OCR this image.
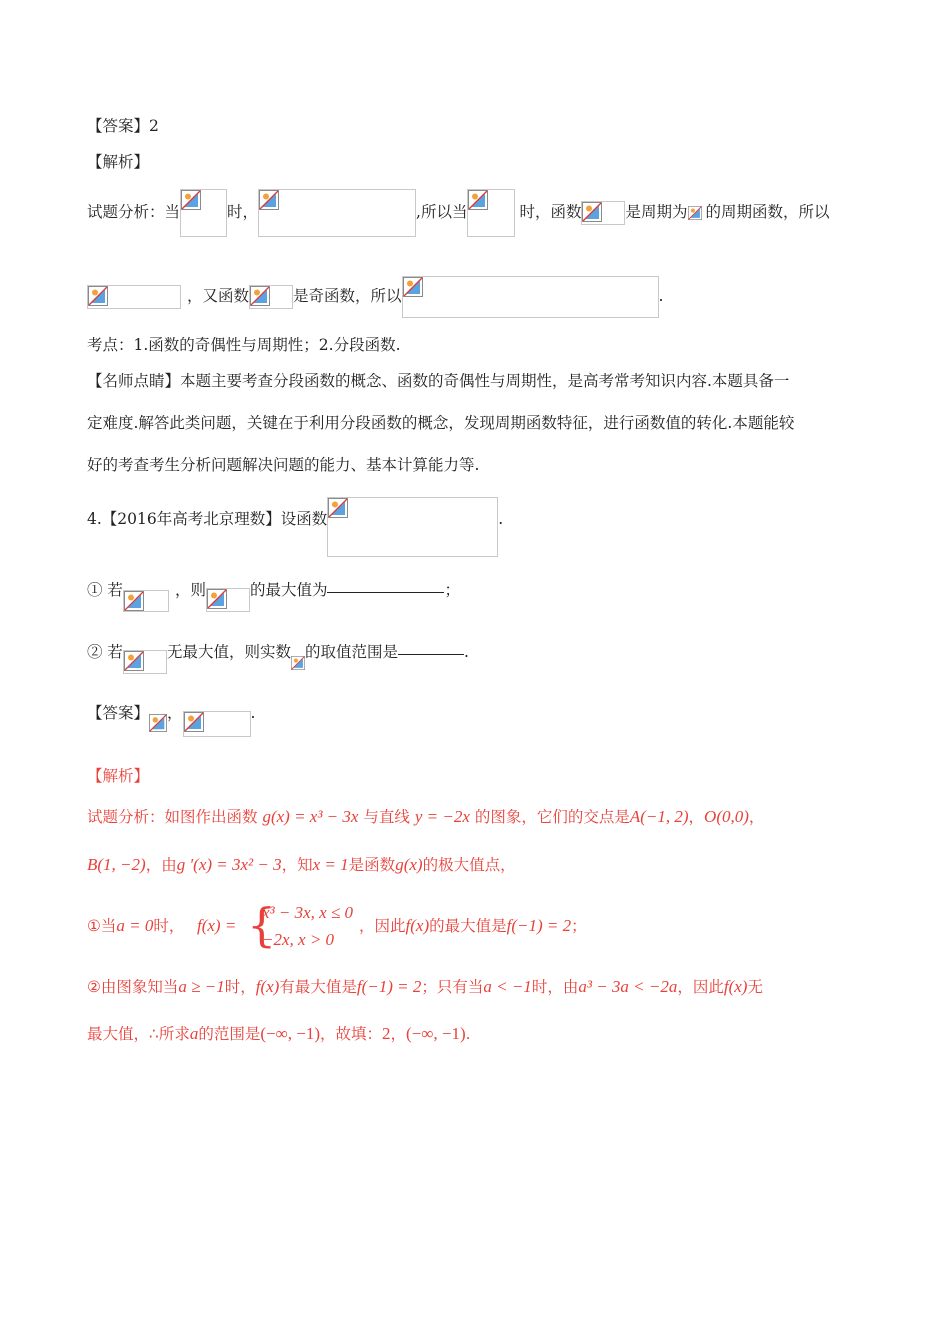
【答案】2
【解析】
试题分析：当	时，	,所以当	时，函数	是周期为 的周期函数，所以
，又函数	是奇函数，所以	.
考点：1.函数的奇偶性与周期性；2.分段函数.
【名师点睛】本题主要考查分段函数的概念、函数的奇偶性与周期性，是高考常考知识内容.本题具备一
定难度.解答此类问题，关键在于利用分段函数的概念，发现周期函数特征，进行函数值的转化.本题能较
好的考查考生分析问题解决问题的能力、基本计算能力等.
4.【2016年高考北京理数】设函数	.
① 若	，则	的最大值为	；
② 若	无最大值，则实数 的取值范围是	.
【答案】 ，	.
【解析】
试题分析：如图作出函数 g(x) = x³ − 3x 与直线 y = −2x 的图象，它们的交点是A(−1, 2)，O(0,0)，
B(1, −2)，由g ′(x) = 3x² − 3，知x = 1是函数g(x)的极大值点，
①当a = 0时， f(x) = {
x³ − 3x, x ≤ 0
−2x, x > 0
，因此f(x)的最大值是f(−1) = 2；
②由图象知当a ≥ −1时，f(x)有最大值是f(−1) = 2；只有当a < −1时，由a³ − 3a < −2a，因此f(x)无
最大值，∴所求a的范围是(−∞, −1)，故填：2，(−∞, −1).
